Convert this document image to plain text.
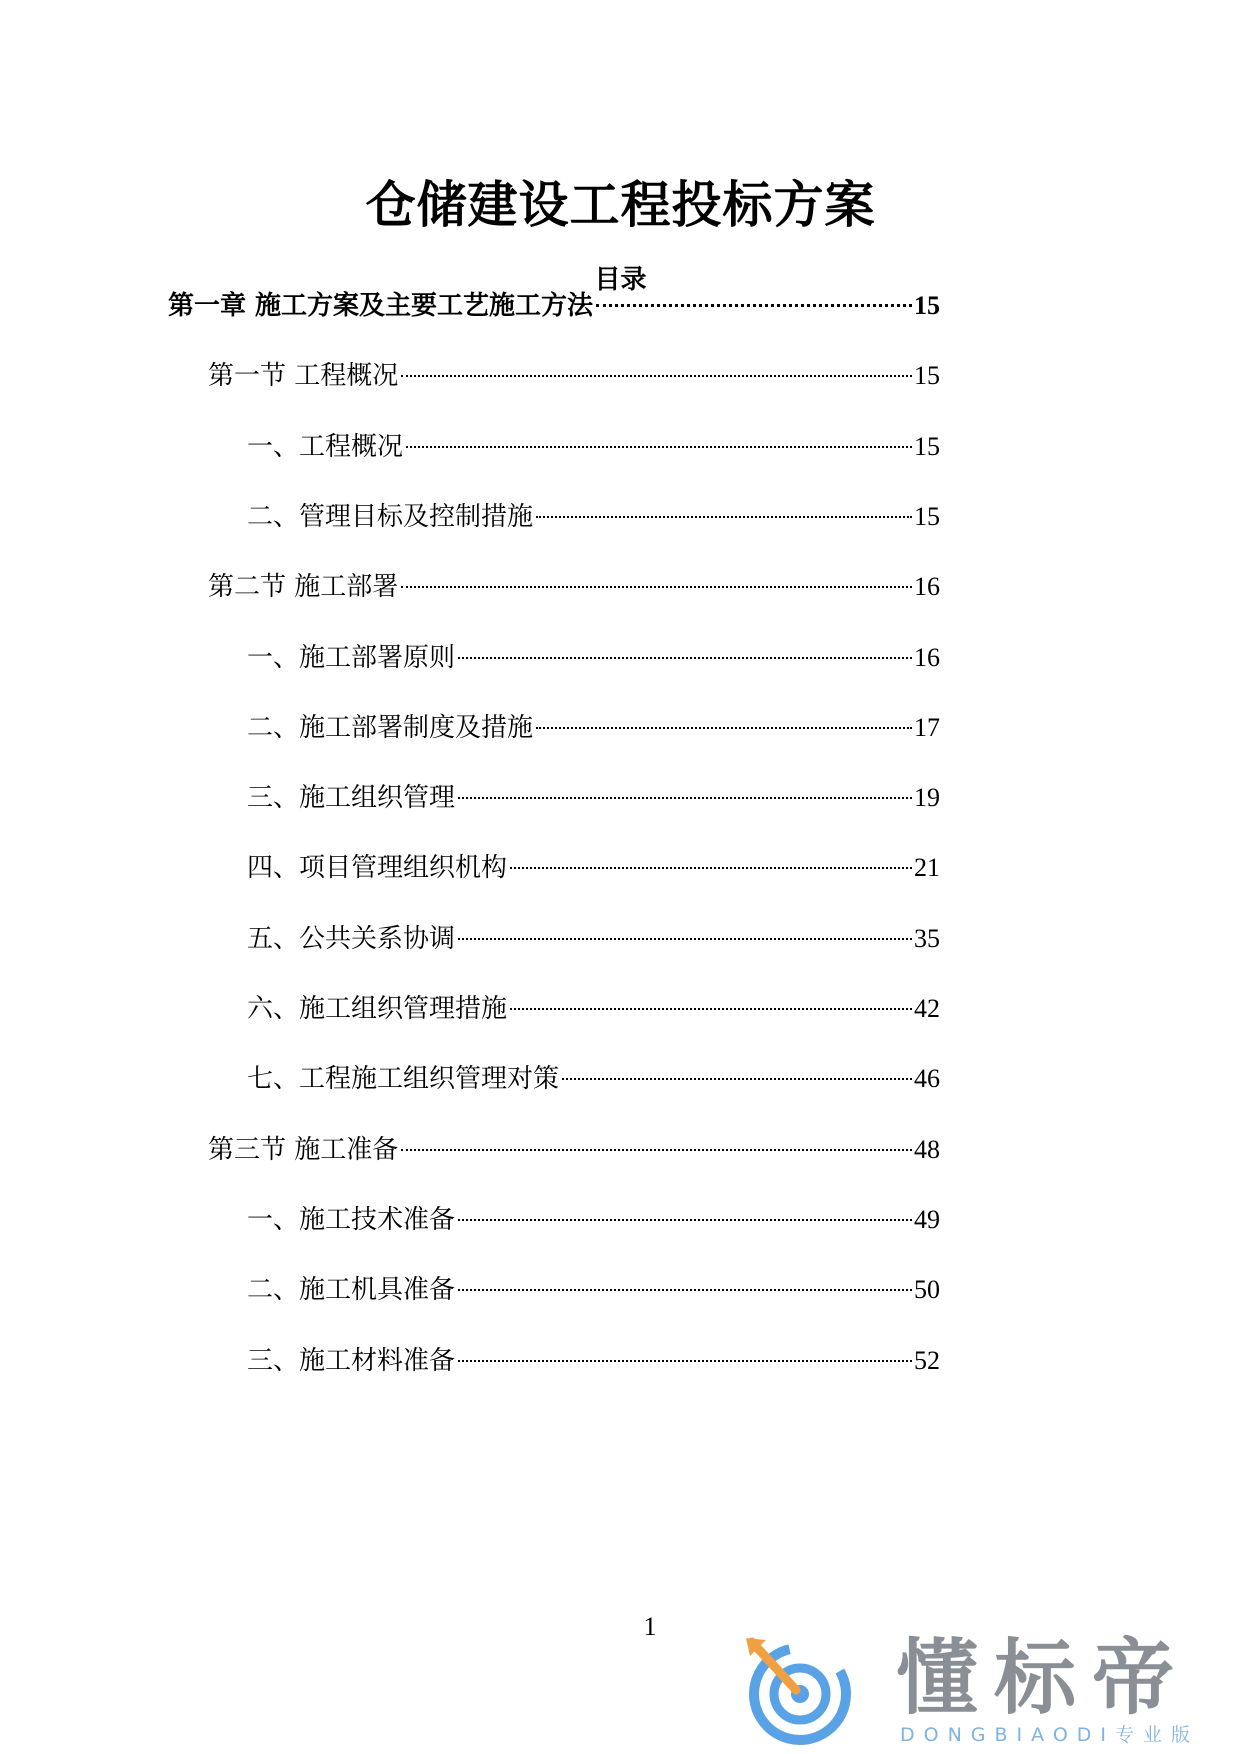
仓储建设工程投标方案
目录
第一章 施工方案及主要工艺施工方法	15
第一节 工程概况	15
一、工程概况	15
二、管理目标及控制措施	15
第二节 施工部署	16
一、施工部署原则	16
二、施工部署制度及措施	17
三、施工组织管理	19
四、项目管理组织机构	21
五、公共关系协调	35
六、施工组织管理措施	42
七、工程施工组织管理对策	46
第三节 施工准备	48
一、施工技术准备	49
二、施工机具准备	50
三、施工材料准备	52
1
懂标帝
DONGBIAODI专业版
